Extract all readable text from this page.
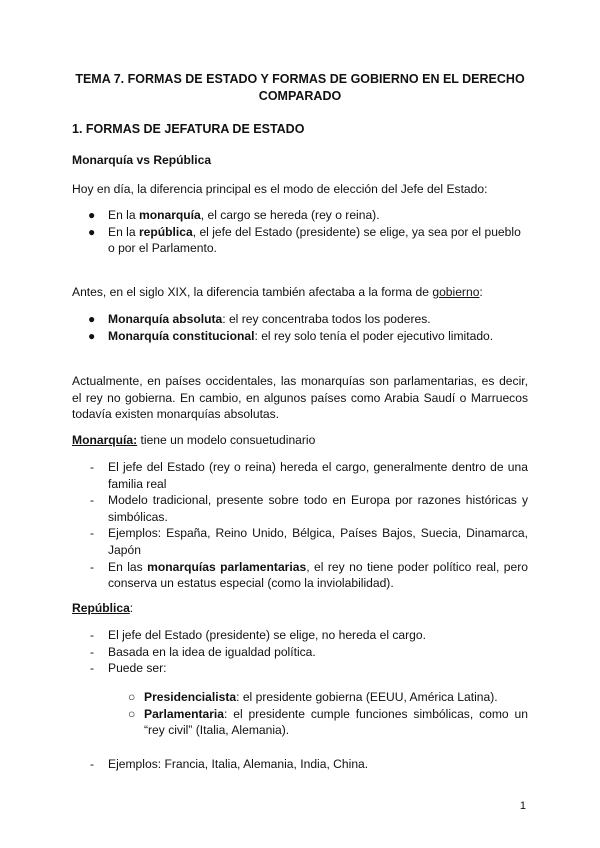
TEMA 7. FORMAS DE ESTADO Y FORMAS DE GOBIERNO EN EL DERECHO COMPARADO
1. FORMAS DE JEFATURA DE ESTADO
Monarquía vs República
Hoy en día, la diferencia principal es el modo de elección del Jefe del Estado:
● En la monarquía, el cargo se hereda (rey o reina).
● En la república, el jefe del Estado (presidente) se elige, ya sea por el pueblo o por el Parlamento.
Antes, en el siglo XIX, la diferencia también afectaba a la forma de gobierno:
● Monarquía absoluta: el rey concentraba todos los poderes.
● Monarquía constitucional: el rey solo tenía el poder ejecutivo limitado.
Actualmente, en países occidentales, las monarquías son parlamentarias, es decir, el rey no gobierna. En cambio, en algunos países como Arabia Saudí o Marruecos todavía existen monarquías absolutas.
Monarquía: tiene un modelo consuetudinario
- El jefe del Estado (rey o reina) hereda el cargo, generalmente dentro de una familia real
- Modelo tradicional, presente sobre todo en Europa por razones históricas y simbólicas.
- Ejemplos: España, Reino Unido, Bélgica, Países Bajos, Suecia, Dinamarca, Japón
- En las monarquías parlamentarias, el rey no tiene poder político real, pero conserva un estatus especial (como la inviolabilidad).
República:
- El jefe del Estado (presidente) se elige, no hereda el cargo.
- Basada en la idea de igualdad política.
- Puede ser:
○ Presidencialista: el presidente gobierna (EEUU, América Latina).
○ Parlamentaria: el presidente cumple funciones simbólicas, como un “rey civil” (Italia, Alemania).
- Ejemplos: Francia, Italia, Alemania, India, China.
1
